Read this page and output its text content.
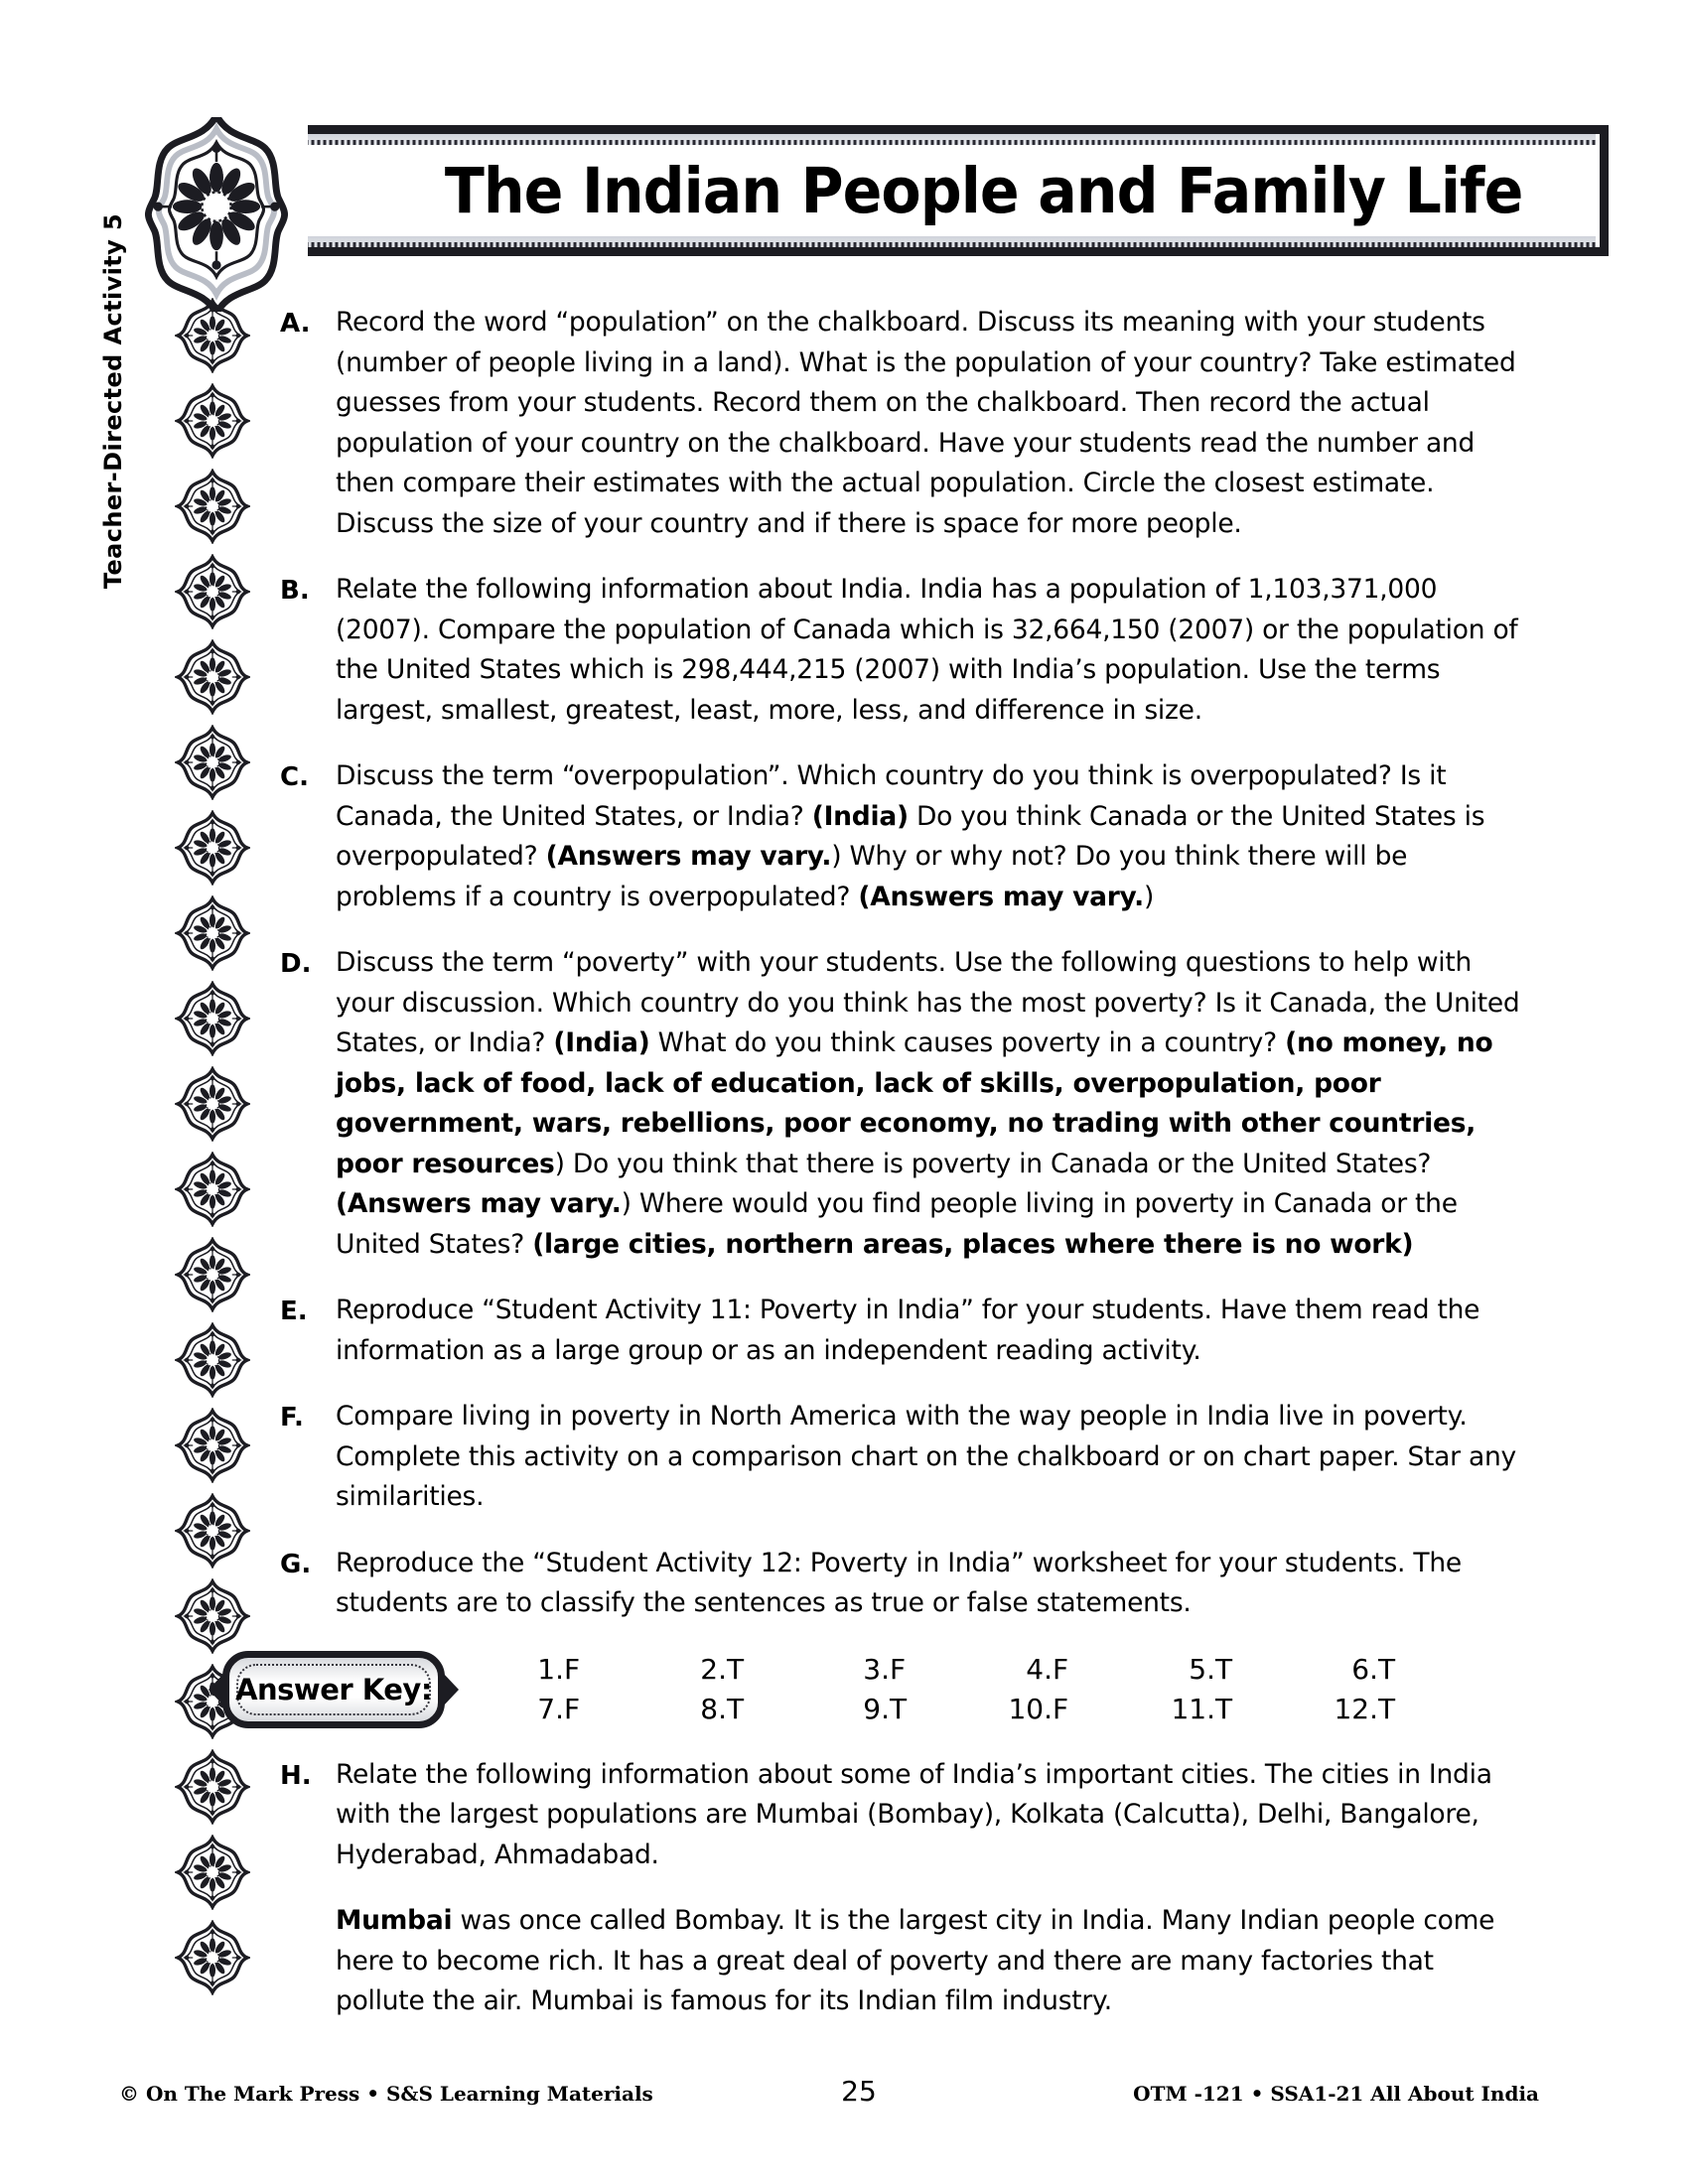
The Indian People and Family Life
Teacher-Directed Activity 5	A. Record the word “population” on the chalkboard. Discuss its meaning with your students (number of people living in a land). What is the population of your country? Take estimated guesses from your students. Record them on the chalkboard. Then record the actual population of your country on the chalkboard. Have your students read the number and then compare their estimates with the actual population. Circle the closest estimate. Discuss the size of your country and if there is space for more people.
B. Relate the following information about India. India has a population of 1,103,371,000 (2007). Compare the population of Canada which is 32,664,150 (2007) or the population of the United States which is 298,444,215 (2007) with India’s population. Use the terms largest, smallest, greatest, least, more, less, and difference in size.
C.	Discuss the term “overpopulation”. Which country do you think is overpopulated? Is it Canada, the United States, or India? (India) Do you think Canada or the United States is overpopulated? (Answers may vary.) Why or why not? Do you think there will be problems if a country is overpopulated? (Answers may vary.)
D. Discuss the term “poverty” with your students. Use the following questions to help with your discussion. Which country do you think has the most poverty? Is it Canada, the United States, or India? (India) What do you think causes poverty in a country? (no money, no jobs, lack of food, lack of education, lack of skills, overpopulation, poor government, wars, rebellions, poor economy, no trading with other countries, poor resources) Do you think that there is poverty in Canada or the United States? (Answers may vary.) Where would you find people living in poverty in Canada or the United States? (large cities, northern areas, places where there is no work)
E.	Reproduce “Student Activity 11: Poverty in India” for your students. Have them read the information as a large group or as an independent reading activity.
F.	Compare living in poverty in North America with the way people in India live in poverty. Complete this activity on a comparison chart on the chalkboard or on chart paper. Star any similarities.
G. Reproduce the “Student Activity 12: Poverty in India” worksheet for your students. The students are to classify the sentences as true or false statements.
Answer Key:
1.	F	2.	T	3.	F	4.	F	5.	T	6.	T
7.	F	8.	T	9.	T	10.	F	11.	T	12.	T
H. Relate the following information about some of India’s important cities. The cities in India with the largest populations are Mumbai (Bombay), Kolkata (Calcutta), Delhi, Bangalore, Hyderabad, Ahmadabad.

Mumbai was once called Bombay. It is the largest city in India. Many Indian people come here to become rich. It has a great deal of poverty and there are many factories that pollute the air. Mumbai is famous for its Indian film industry.

© On The Mark Press • S&S Learning Materials	25	OTM -121 • SSA1-21 All About India
